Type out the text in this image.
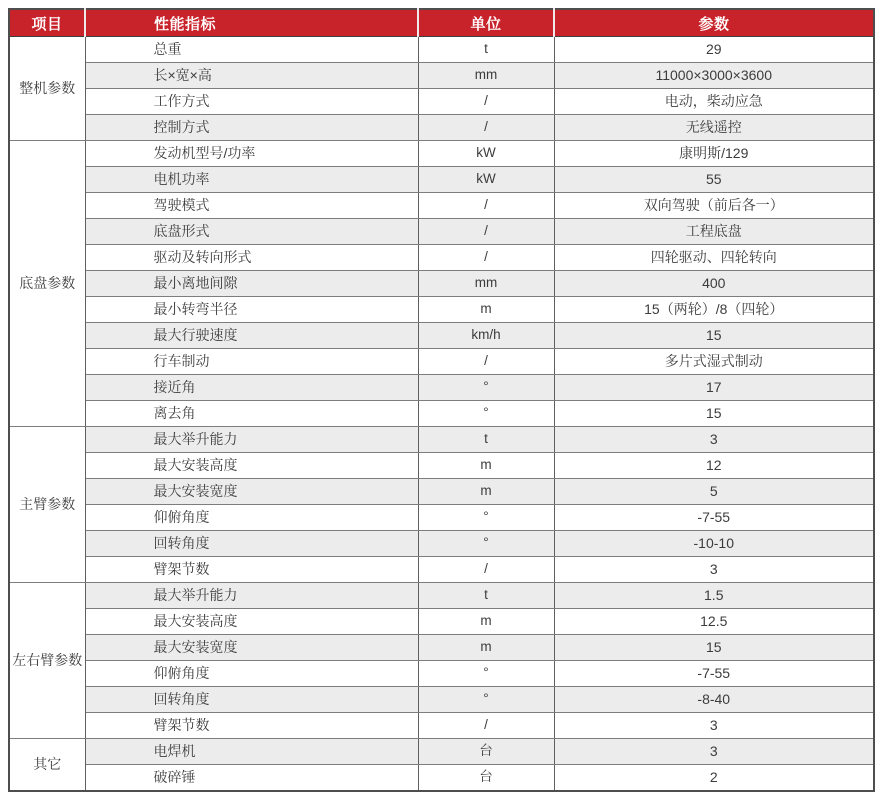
项目	性能指标	单位	参数
整机参数	总重	t	29
	长×宽×高	mm	11000×3000×3600
	工作方式	/	电动，柴动应急
	控制方式	/	无线遥控
底盘参数	发动机型号/功率	kW	康明斯/129
	电机功率	kW	55
	驾驶模式	/	双向驾驶（前后各一）
	底盘形式	/	工程底盘
	驱动及转向形式	/	四轮驱动、四轮转向
	最小离地间隙	mm	400
	最小转弯半径	m	15（两轮）/8（四轮）
	最大行驶速度	km/h	15
	行车制动	/	多片式湿式制动
	接近角	°	17
	离去角	°	15
主臂参数	最大举升能力	t	3
	最大安装高度	m	12
	最大安装宽度	m	5
	仰俯角度	°	-7-55
	回转角度	°	-10-10
	臂架节数	/	3
左右臂参数	最大举升能力	t	1.5
	最大安装高度	m	12.5
	最大安装宽度	m	15
	仰俯角度	°	-7-55
	回转角度	°	-8-40
	臂架节数	/	3
其它	电焊机	台	3
	破碎锤	台	2
